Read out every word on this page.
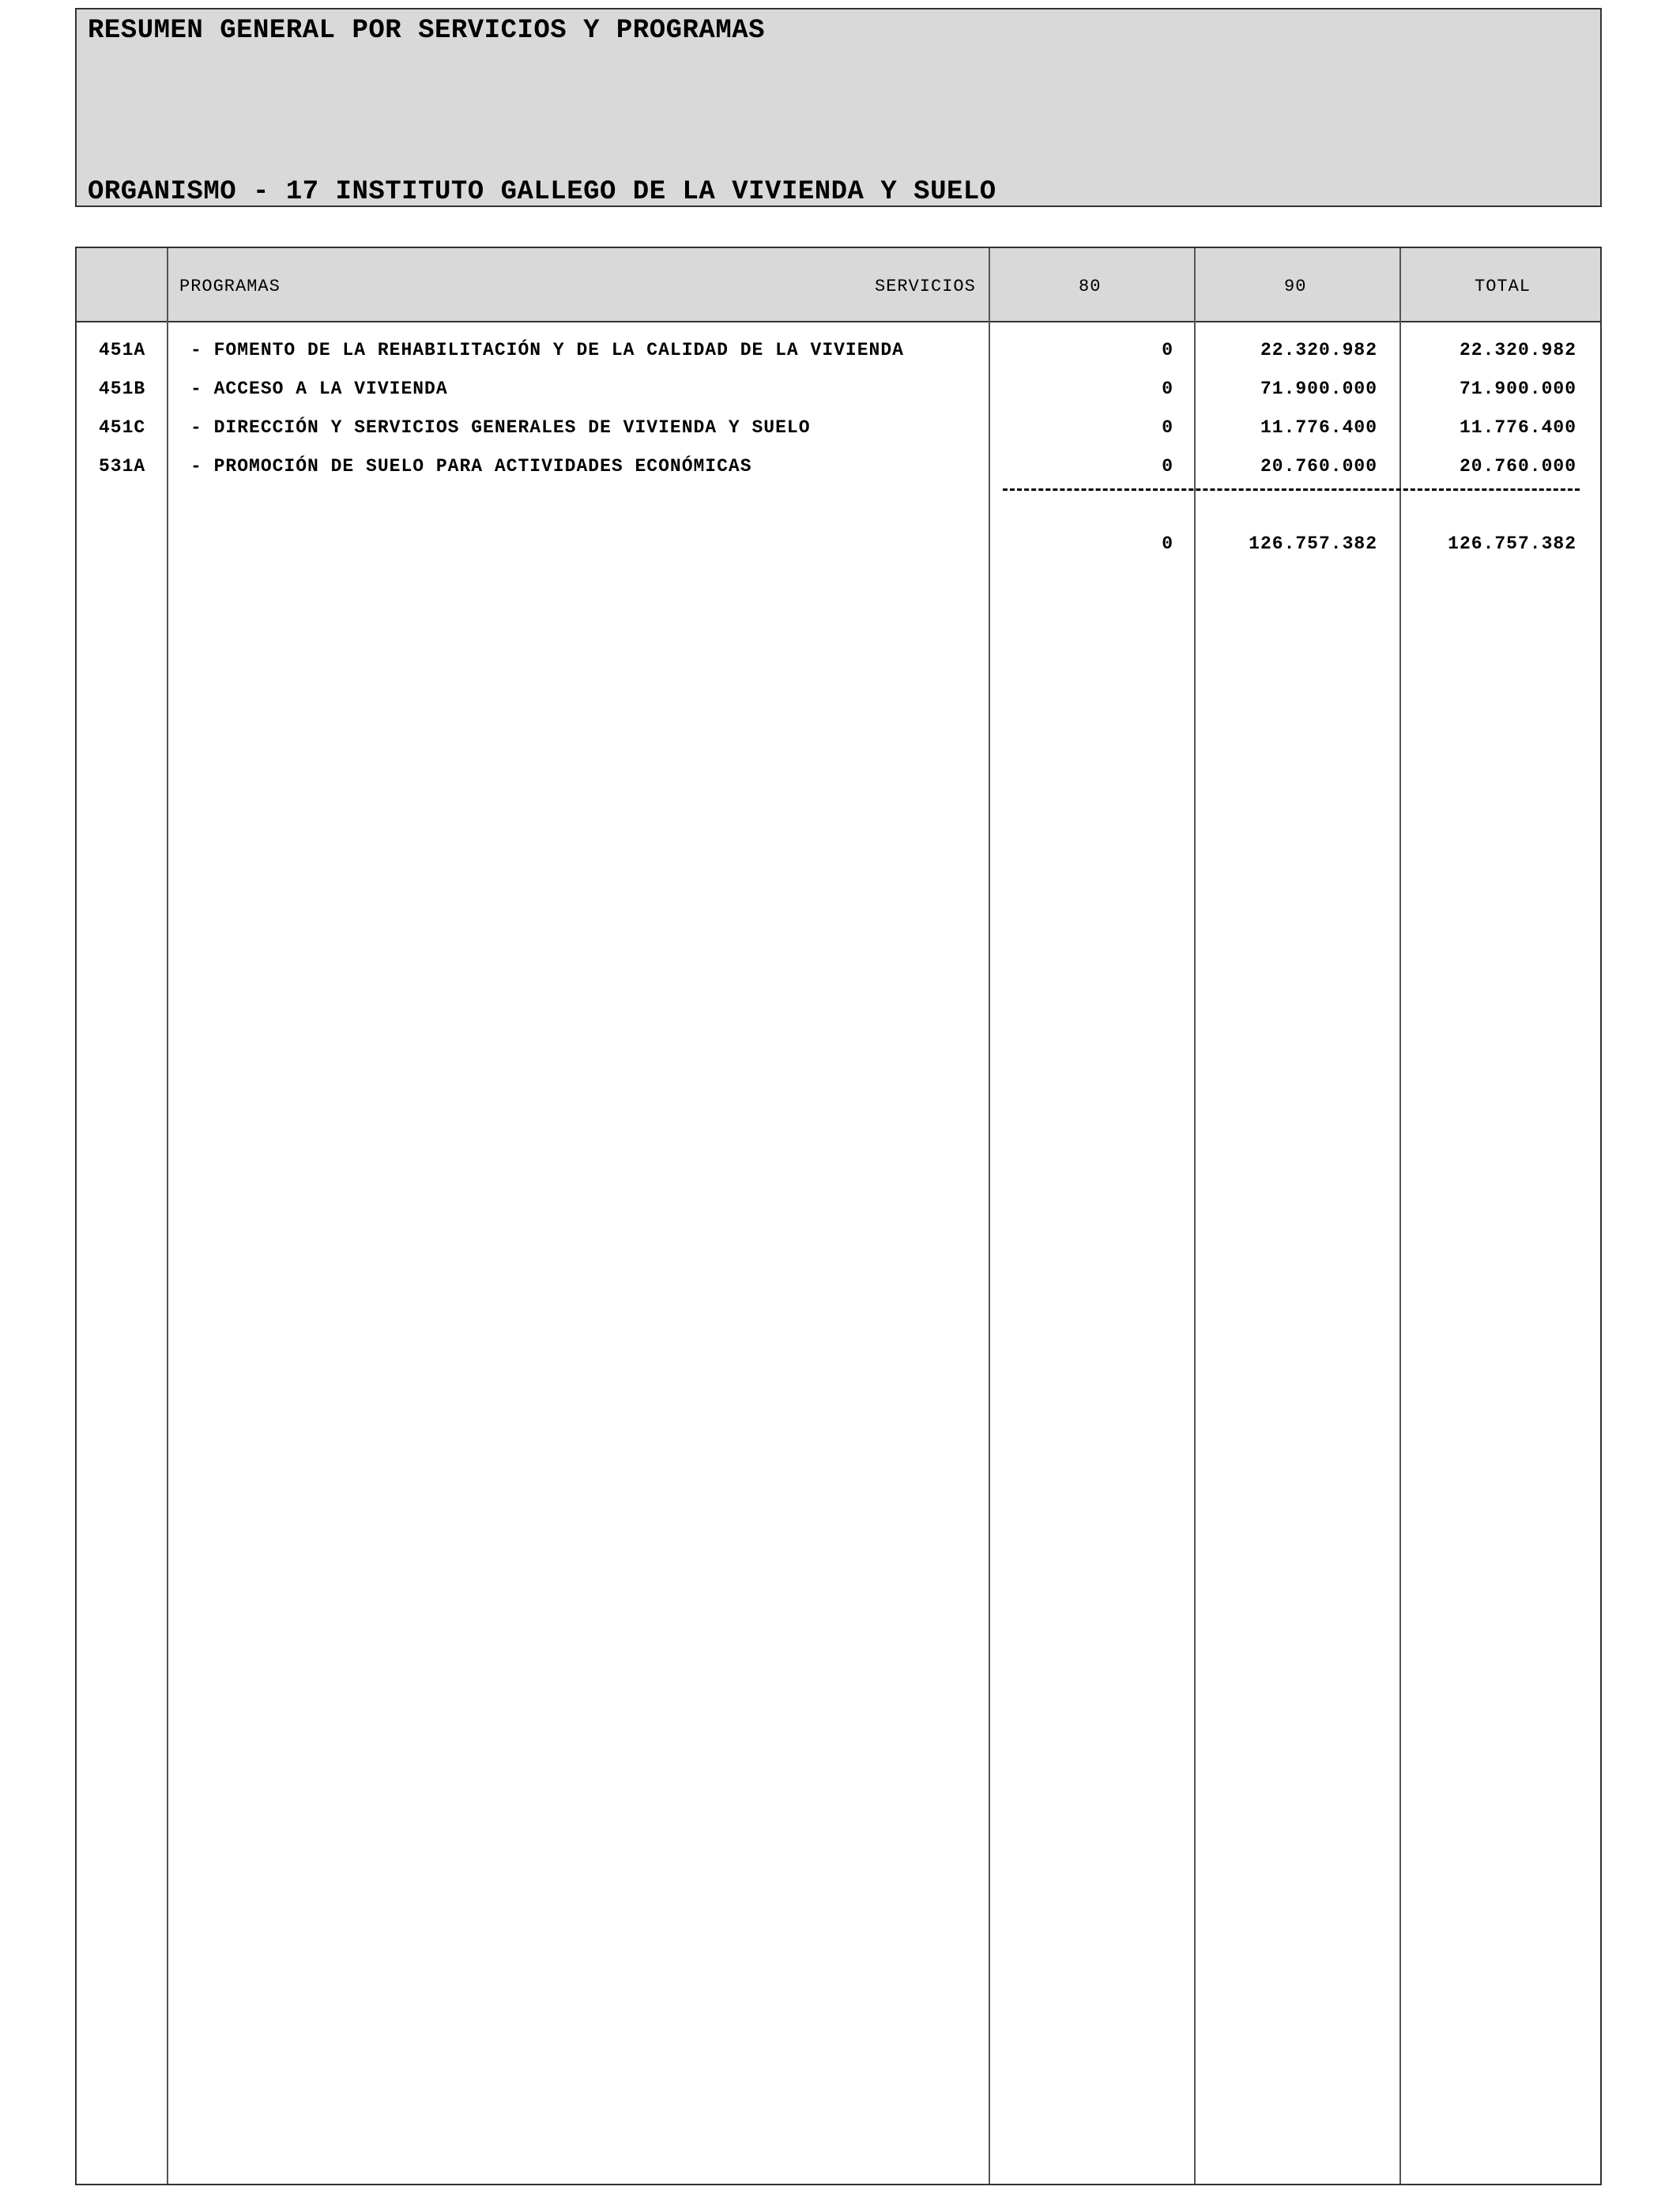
RESUMEN GENERAL POR SERVICIOS Y PROGRAMAS
ORGANISMO - 17 INSTITUTO GALLEGO DE LA VIVIENDA Y SUELO
PROGRAMAS	SERVICIOS	80	90	TOTAL
451A - FOMENTO DE LA REHABILITACIÓN Y DE LA CALIDAD DE LA VIVIENDA	0	22.320.982	22.320.982
451B - ACCESO A LA VIVIENDA	0	71.900.000	71.900.000
451C - DIRECCIÓN Y SERVICIOS GENERALES DE VIVIENDA Y SUELO	0	11.776.400	11.776.400
531A - PROMOCIÓN DE SUELO PARA ACTIVIDADES ECONÓMICAS	0	20.760.000	20.760.000
0	126.757.382	126.757.382
